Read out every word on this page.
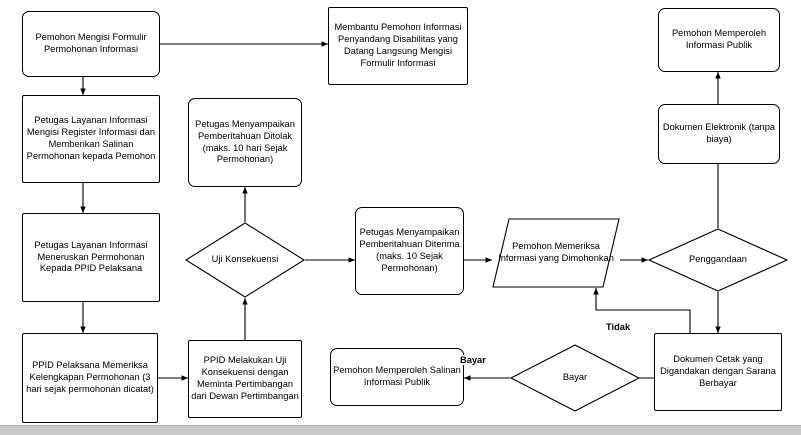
Pemohon Mengisi Formulir Permohonan Informasi
Membantu Pemohon Informasi Penyandang Disabilitas yang Datang Langsung Mengisi Formulir Informasi
Pemohon Memperoleh Informasi Publik
Petugas Layanan Informasi Mengisi Register Informasi dan Memberikan Salinan Permohonan kepada Pemohon
Petugas Menyampaikan Pemberitahuan Ditolak (maks. 10 hari Sejak Permohonan)
Dokumen Elektronik (tanpa biaya)
Petugas Layanan Informasi Meneruskan Permohonan Kepada PPID Pelaksana
Uji Konsekuensi
Petugas Menyampaikan Pemberitahuan Diterima (maks. 10 Sejak Permohonan)
Pemohon Memeriksa Informasi yang Dimohonkan	Penggandaan
PPID Pelaksana Memeriksa Kelengkapan Permohonan (3 hari sejak permohonan dicatat)
PPID Melakukan Uji Konsekuensi dengan Meminta Pertimbangan dari Dewan Pertimbangan
Pemohon Memperoleh Salinan Informasi Publik	Bayar
Dokumen Cetak yang Digandakan dengan Sarana Berbayar
Tidak
Bayar
